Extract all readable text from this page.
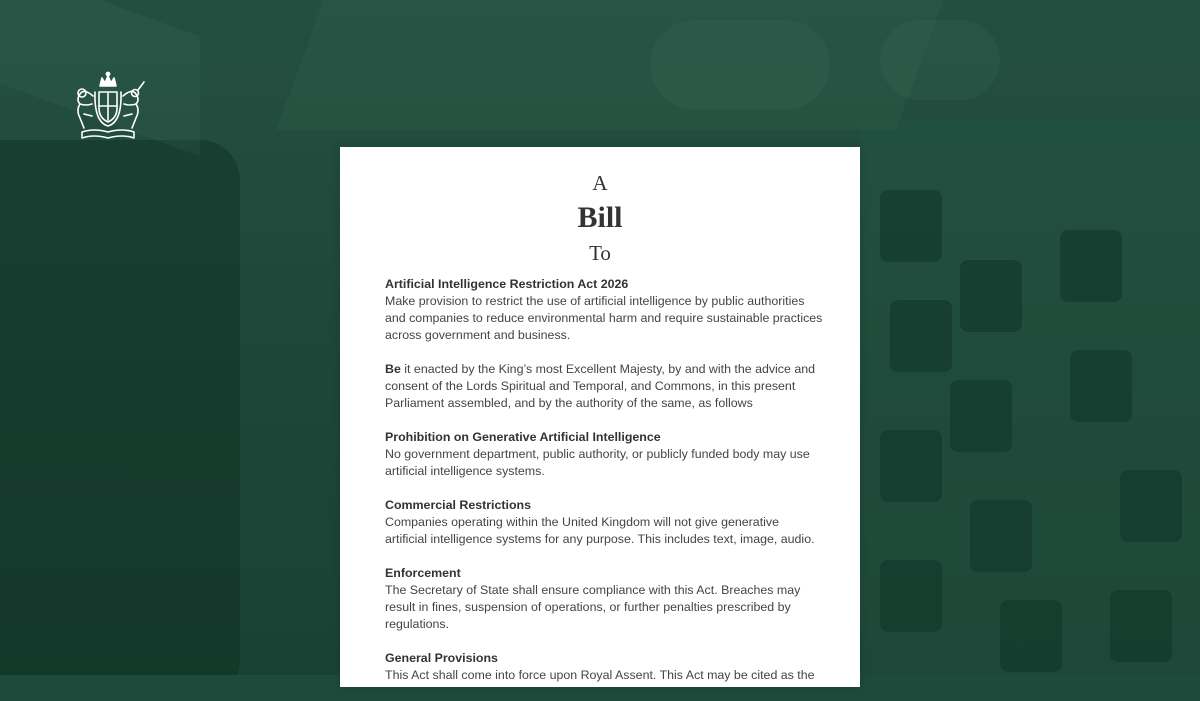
A
Bill
To

Artificial Intelligence Restriction Act 2026
Make provision to restrict the use of artificial intelligence by public authorities
and companies to reduce environmental harm and require sustainable practices
across government and business.

Be it enacted by the King’s most Excellent Majesty, by and with the advice and
consent of the Lords Spiritual and Temporal, and Commons, in this present
Parliament assembled, and by the authority of the same, as follows

Prohibition on Generative Artificial Intelligence
No government department, public authority, or publicly funded body may use
artificial intelligence systems.

Commercial Restrictions
Companies operating within the United Kingdom will not give generative
artificial intelligence systems for any purpose. This includes text, image, audio.

Enforcement
The Secretary of State shall ensure compliance with this Act. Breaches may
result in fines, suspension of operations, or further penalties prescribed by
regulations.

General Provisions
This Act shall come into force upon Royal Assent. This Act may be cited as the
